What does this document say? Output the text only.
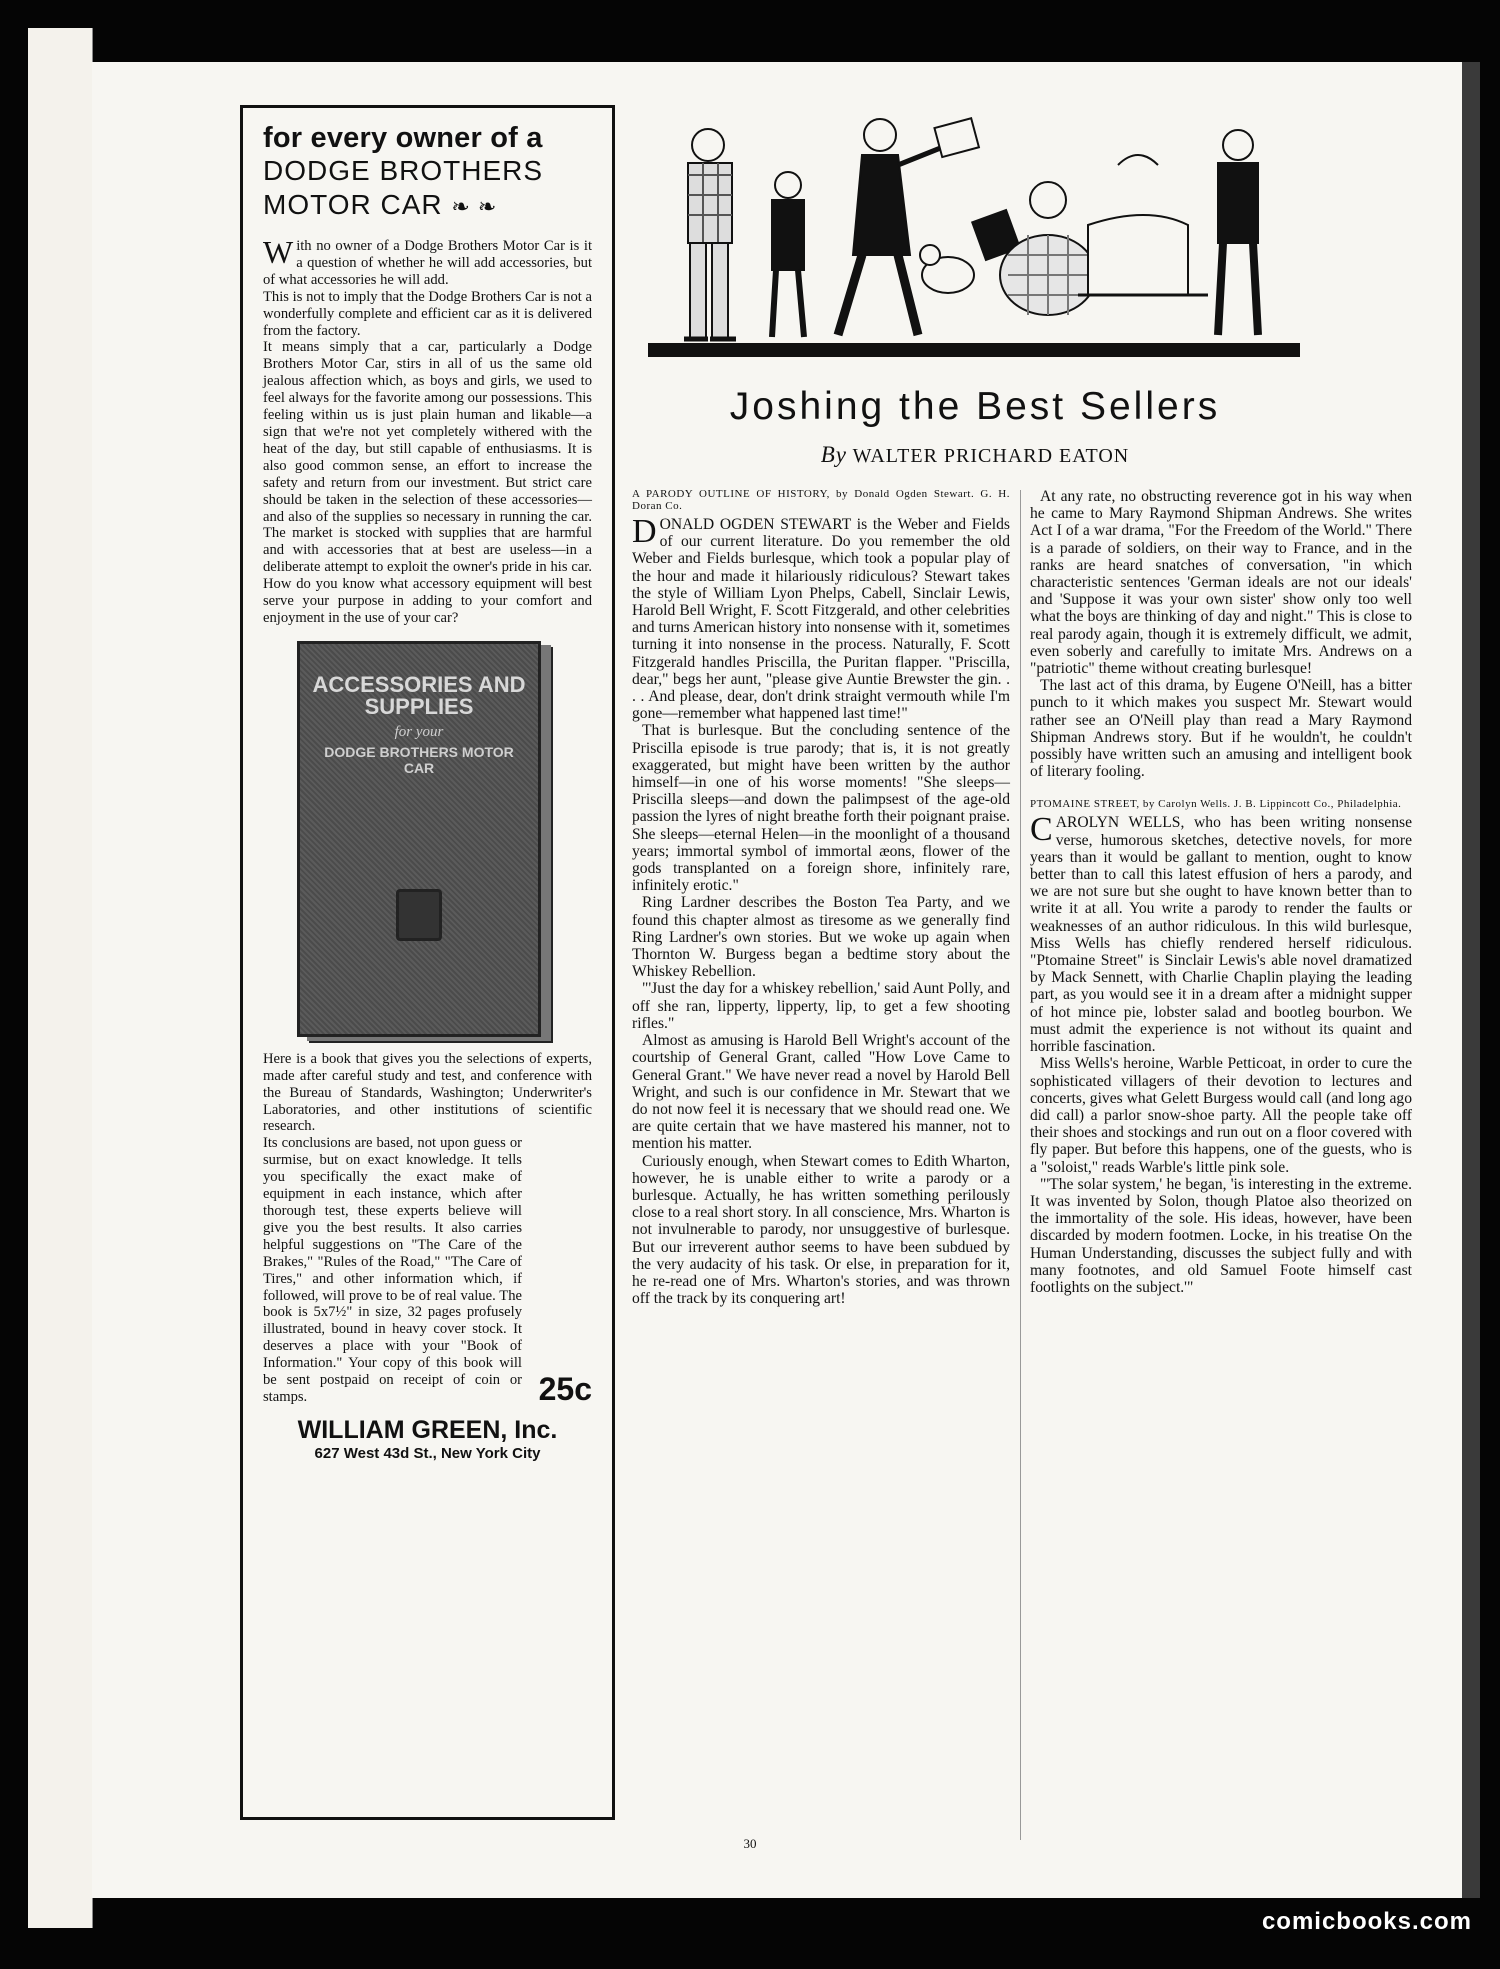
for every owner of a
DODGE BROTHERS
MOTOR CAR ❧ ❧

With no owner of a Dodge Brothers Motor Car is it a question of whether he will add accessories, but of what accessories he will add.

This is not to imply that the Dodge Brothers Car is not a wonderfully complete and efficient car as it is delivered from the factory.

It means simply that a car, particularly a Dodge Brothers Motor Car, stirs in all of us the same old jealous affection which, as boys and girls, we used to feel always for the favorite among our possessions. This feeling within us is just plain human and likable—a sign that we're not yet completely withered with the heat of the day, but still capable of enthusiasms. It is also good common sense, an effort to increase the safety and return from our investment. But strict care should be taken in the selection of these accessories—and also of the supplies so necessary in running the car. The market is stocked with supplies that are harmful and with accessories that at best are useless—in a deliberate attempt to exploit the owner's pride in his car. How do you know what accessory equipment will best serve your purpose in adding to your comfort and enjoyment in the use of your car?

ACCESSORIES AND SUPPLIES
for your
DODGE BROTHERS MOTOR CAR

Here is a book that gives you the selections of experts, made after careful study and test, and conference with the Bureau of Standards, Washington; Underwriter's Laboratories, and other institutions of scientific research.

Its conclusions are based, not upon guess or surmise, but on exact knowledge. It tells you specifically the exact make of equipment in each instance, which after thorough test, these experts believe will give you the best results. It also carries helpful suggestions on "The Care of the Brakes," "Rules of the Road," "The Care of Tires," and other information which, if followed, will prove to be of real value. The book is 5x7½" in size, 32 pages profusely illustrated, bound in heavy cover stock. It deserves a place with your "Book of Information." Your copy of this book will be sent postpaid on receipt of coin or stamps.	25c
WILLIAM GREEN, Inc.
627 West 43d St., New York City
Joshing the Best Sellers
By WALTER PRICHARD EATON

A PARODY OUTLINE OF HISTORY, by Donald Ogden Stewart. G. H. Doran Co.

DONALD OGDEN STEWART is the Weber and Fields of our current literature. Do you remember the old Weber and Fields burlesque, which took a popular play of the hour and made it hilariously ridiculous? Stewart takes the style of William Lyon Phelps, Cabell, Sinclair Lewis, Harold Bell Wright, F. Scott Fitzgerald, and other celebrities and turns American history into nonsense with it, sometimes turning it into nonsense in the process. Naturally, F. Scott Fitzgerald handles Priscilla, the Puritan flapper. "Priscilla, dear," begs her aunt, "please give Auntie Brewster the gin. . . . And please, dear, don't drink straight vermouth while I'm gone—remember what happened last time!"

That is burlesque. But the concluding sentence of the Priscilla episode is true parody; that is, it is not greatly exaggerated, but might have been written by the author himself—in one of his worse moments! "She sleeps—Priscilla sleeps—and down the palimpsest of the age-old passion the lyres of night breathe forth their poignant praise. She sleeps—eternal Helen—in the moonlight of a thousand years; immortal symbol of immortal æons, flower of the gods transplanted on a foreign shore, infinitely rare, infinitely erotic."

Ring Lardner describes the Boston Tea Party, and we found this chapter almost as tiresome as we generally find Ring Lardner's own stories. But we woke up again when Thornton W. Burgess began a bedtime story about the Whiskey Rebellion.

"'Just the day for a whiskey rebellion,' said Aunt Polly, and off she ran, lipperty, lipperty, lip, to get a few shooting rifles."

Almost as amusing is Harold Bell Wright's account of the courtship of General Grant, called "How Love Came to General Grant." We have never read a novel by Harold Bell Wright, and such is our confidence in Mr. Stewart that we do not now feel it is necessary that we should read one. We are quite certain that we have mastered his manner, not to mention his matter.

Curiously enough, when Stewart comes to Edith Wharton, however, he is unable either to write a parody or a burlesque. Actually, he has written something perilously close to a real short story. In all conscience, Mrs. Wharton is not invulnerable to parody, nor unsuggestive of burlesque. But our irreverent author seems to have been subdued by the very audacity of his task. Or else, in preparation for it, he re-read one of Mrs. Wharton's stories, and was thrown off the track by its conquering art!

At any rate, no obstructing reverence got in his way when he came to Mary Raymond Shipman Andrews. She writes Act I of a war drama, "For the Freedom of the World." There is a parade of soldiers, on their way to France, and in the ranks are heard snatches of conversation, "in which characteristic sentences 'German ideals are not our ideals' and 'Suppose it was your own sister' show only too well what the boys are thinking of day and night." This is close to real parody again, though it is extremely difficult, we admit, even soberly and carefully to imitate Mrs. Andrews on a "patriotic" theme without creating burlesque!

The last act of this drama, by Eugene O'Neill, has a bitter punch to it which makes you suspect Mr. Stewart would rather see an O'Neill play than read a Mary Raymond Shipman Andrews story. But if he wouldn't, he couldn't possibly have written such an amusing and intelligent book of literary fooling.

PTOMAINE STREET, by Carolyn Wells. J. B. Lippincott Co., Philadelphia.

CAROLYN WELLS, who has been writing nonsense verse, humorous sketches, detective novels, for more years than it would be gallant to mention, ought to know better than to call this latest effusion of hers a parody, and we are not sure but she ought to have known better than to write it at all. You write a parody to render the faults or weaknesses of an author ridiculous. In this wild burlesque, Miss Wells has chiefly rendered herself ridiculous. "Ptomaine Street" is Sinclair Lewis's able novel dramatized by Mack Sennett, with Charlie Chaplin playing the leading part, as you would see it in a dream after a midnight supper of hot mince pie, lobster salad and bootleg bourbon. We must admit the experience is not without its quaint and horrible fascination.

Miss Wells's heroine, Warble Petticoat, in order to cure the sophisticated villagers of their devotion to lectures and concerts, gives what Gelett Burgess would call (and long ago did call) a parlor snow-shoe party. All the people take off their shoes and stockings and run out on a floor covered with fly paper. But before this happens, one of the guests, who is a "soloist," reads Warble's little pink sole.

"'The solar system,' he began, 'is interesting in the extreme. It was invented by Solon, though Platoe also theorized on the immortality of the sole. His ideas, however, have been discarded by modern footmen. Locke, in his treatise On the Human Understanding, discusses the subject fully and with many footnotes, and old Samuel Foote himself cast footlights on the subject.'"

30
comicbooks.com
